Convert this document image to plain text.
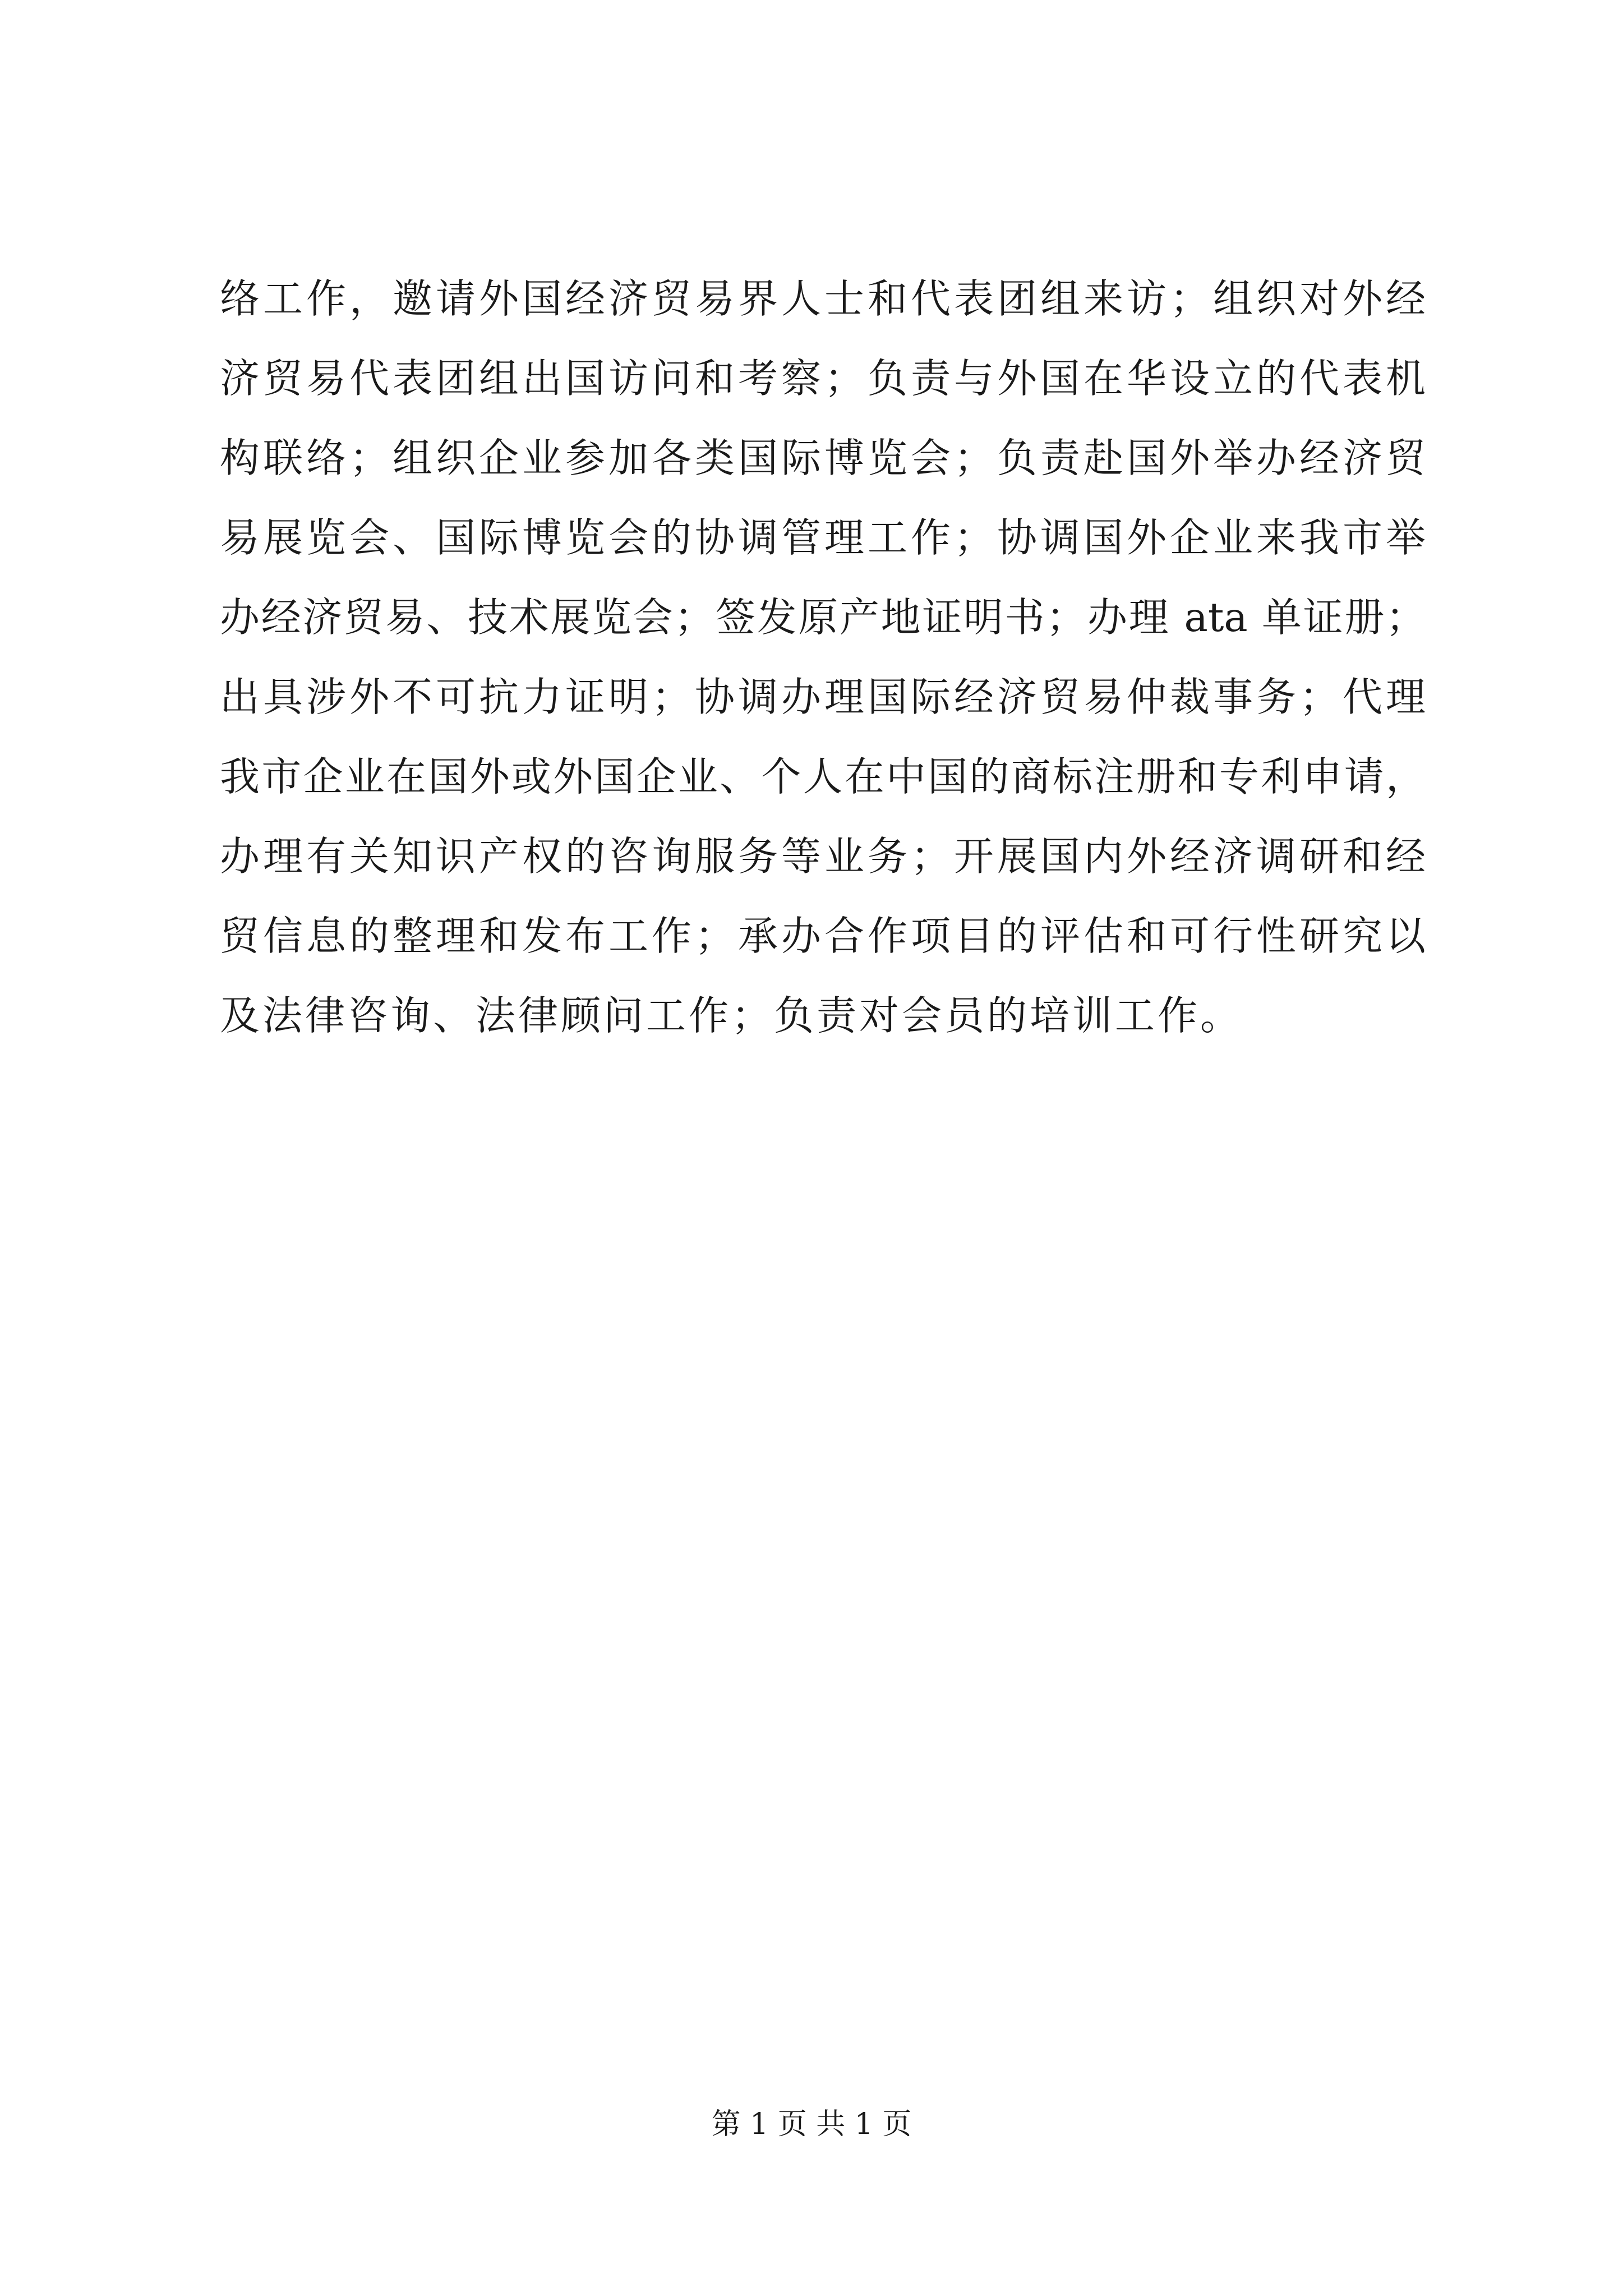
络工作，邀请外国经济贸易界人士和代表团组来访；组织对外经
济贸易代表团组出国访问和考察；负责与外国在华设立的代表机
构联络；组织企业参加各类国际博览会；负责赴国外举办经济贸
易展览会、国际博览会的协调管理工作；协调国外企业来我市举
办经济贸易、技术展览会；签发原产地证明书；办理 ata 单证册；
出具涉外不可抗力证明；协调办理国际经济贸易仲裁事务；代理
我市企业在国外或外国企业、个人在中国的商标注册和专利申请，
办理有关知识产权的咨询服务等业务；开展国内外经济调研和经
贸信息的整理和发布工作；承办合作项目的评估和可行性研究以
及法律咨询、法律顾问工作；负责对会员的培训工作。
第 1 页 共 1 页
